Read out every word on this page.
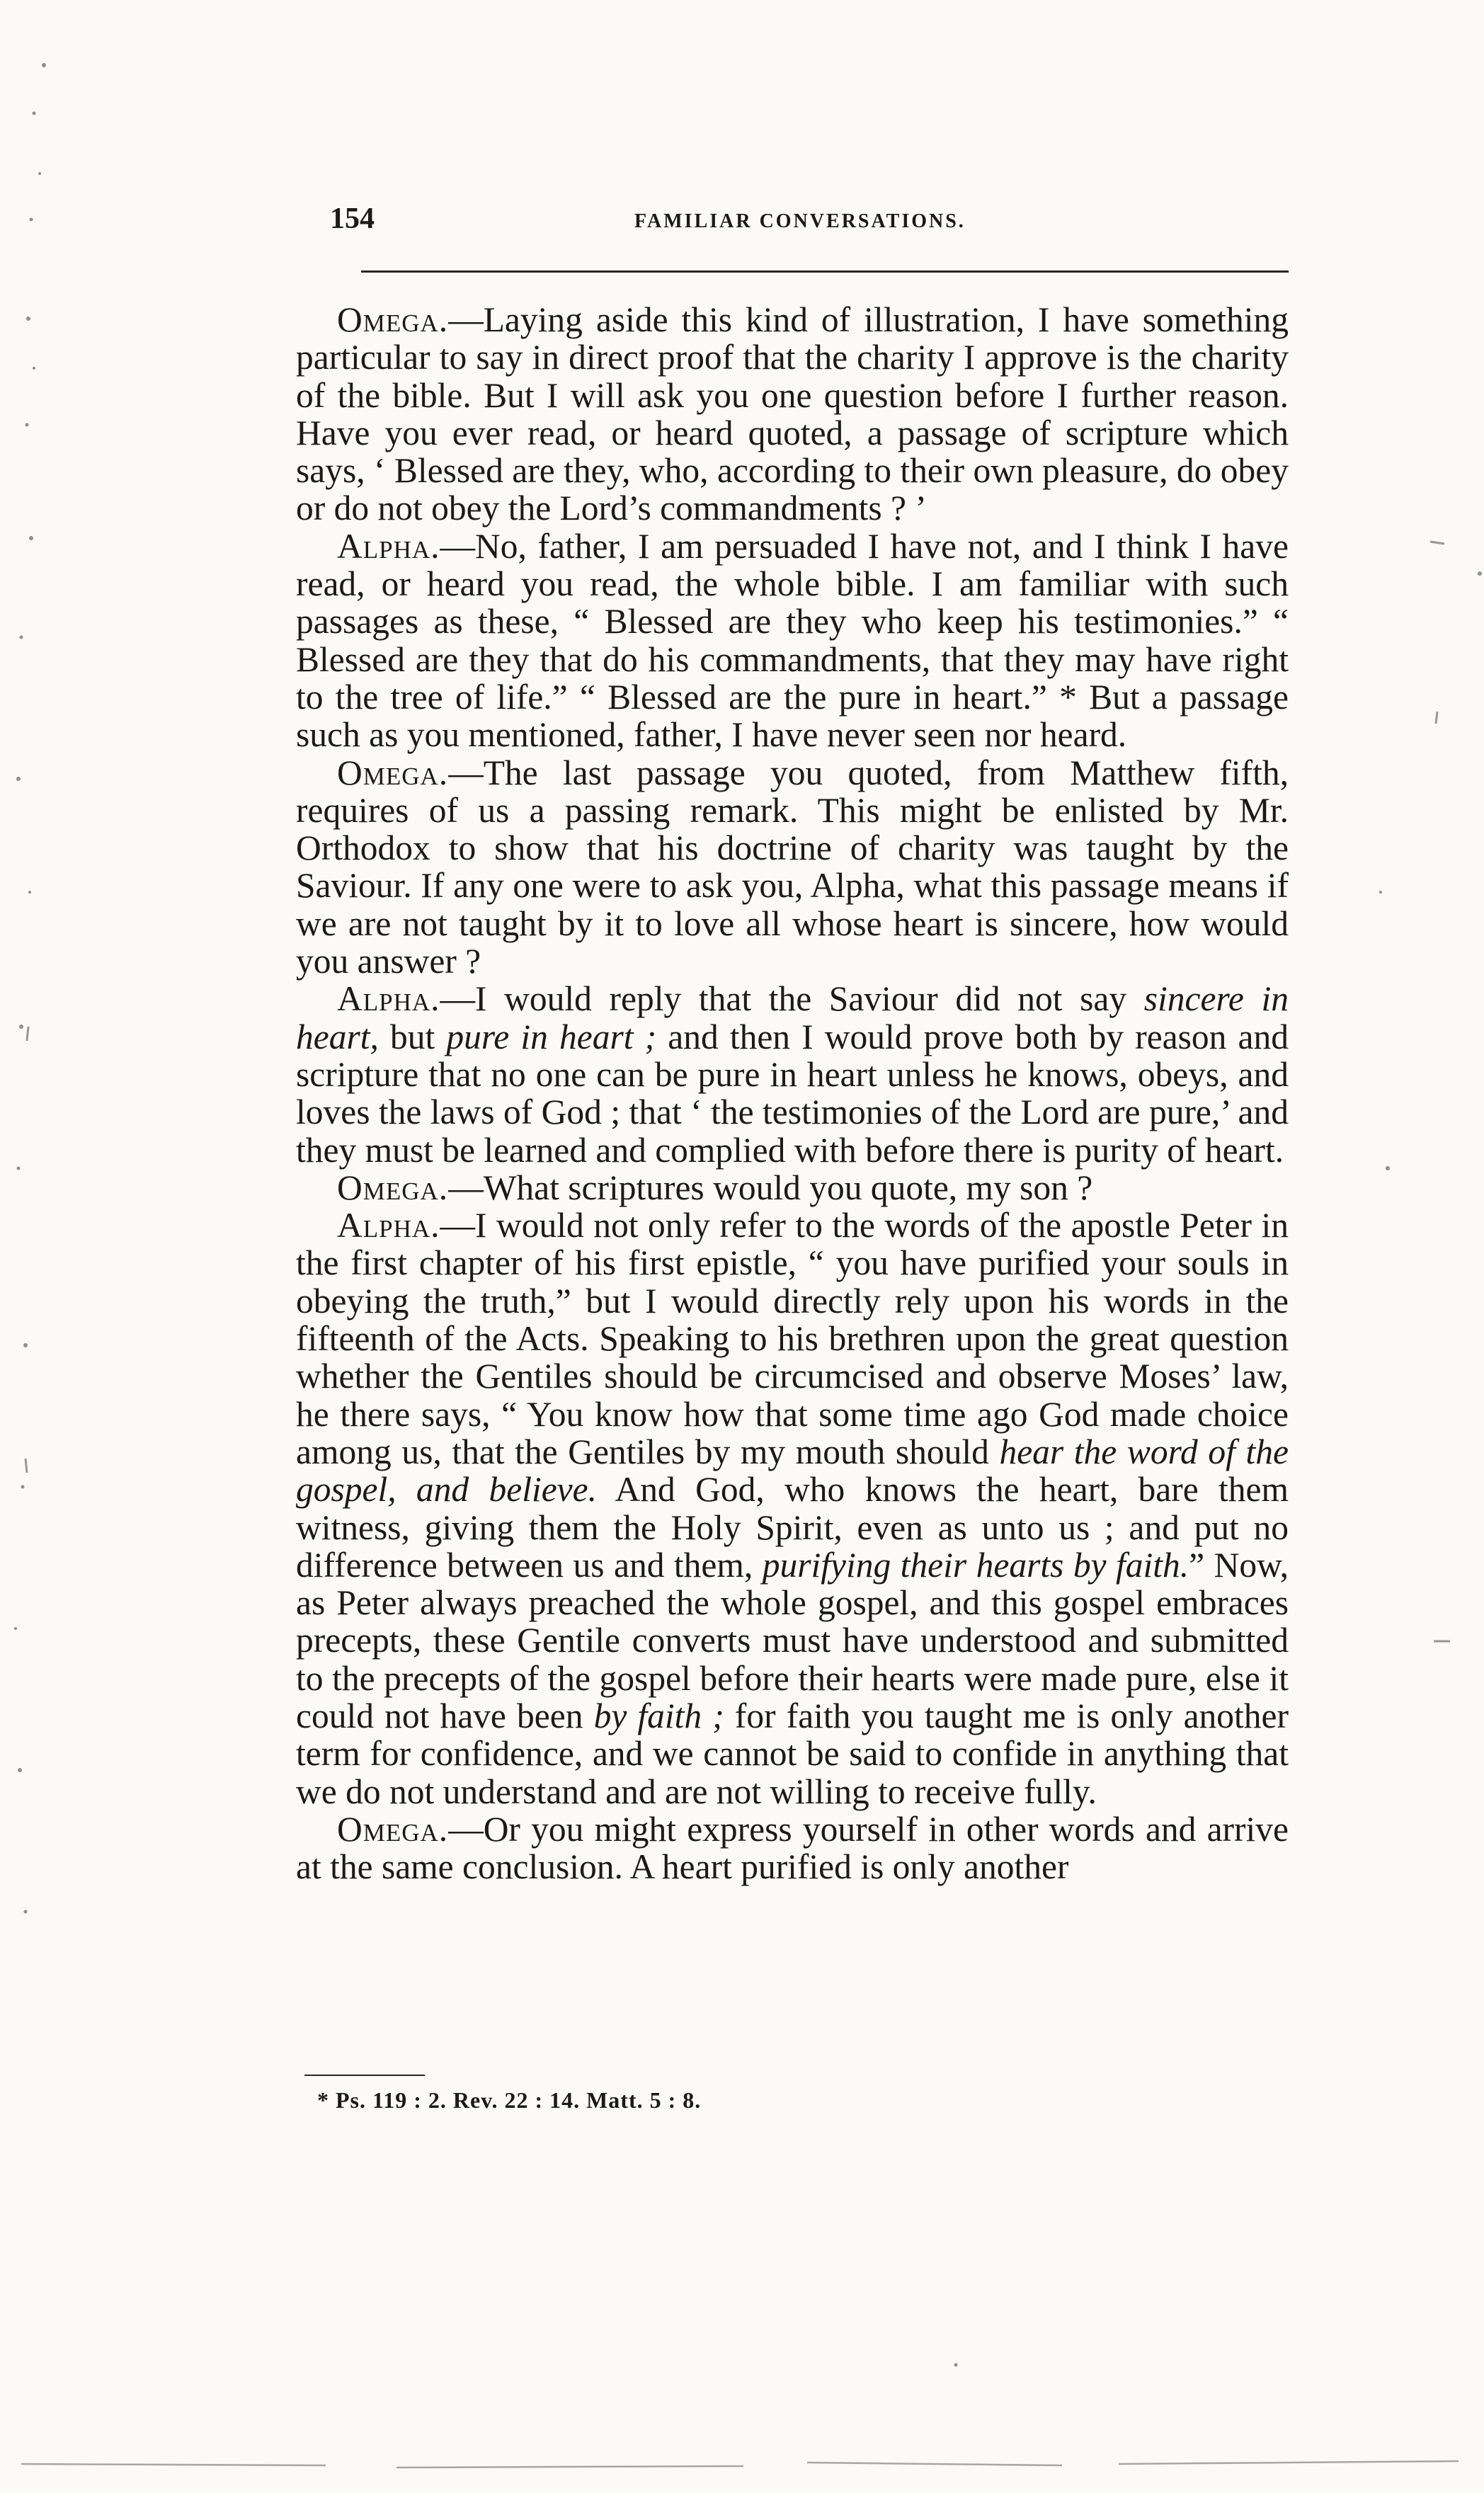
154	FAMILIAR CONVERSATIONS.

Omega.—Laying aside this kind of illustration, I have something particular to say in direct proof that the charity I approve is the charity of the bible. But I will ask you one question before I further reason. Have you ever read, or heard quoted, a passage of scripture which says, ‘ Blessed are they, who, according to their own pleasure, do obey or do not obey the Lord’s commandments ? ’

Alpha.—No, father, I am persuaded I have not, and I think I have read, or heard you read, the whole bible. I am familiar with such passages as these, “ Blessed are they who keep his testimonies.” “ Blessed are they that do his commandments, that they may have right to the tree of life.” “ Blessed are the pure in heart.” * But a passage such as you mentioned, father, I have never seen nor heard.

Omega.—The last passage you quoted, from Matthew fifth, requires of us a passing remark. This might be enlisted by Mr. Orthodox to show that his doctrine of charity was taught by the Saviour. If any one were to ask you, Alpha, what this passage means if we are not taught by it to love all whose heart is sincere, how would you answer ?

Alpha.—I would reply that the Saviour did not say sincere in heart, but pure in heart ; and then I would prove both by reason and scripture that no one can be pure in heart unless he knows, obeys, and loves the laws of God ; that ‘ the testimonies of the Lord are pure,’ and they must be learned and complied with before there is purity of heart.

Omega.—What scriptures would you quote, my son ?

Alpha.—I would not only refer to the words of the apostle Peter in the first chapter of his first epistle, “ you have purified your souls in obeying the truth,” but I would directly rely upon his words in the fifteenth of the Acts. Speaking to his brethren upon the great question whether the Gentiles should be circumcised and observe Moses’ law, he there says, “ You know how that some time ago God made choice among us, that the Gentiles by my mouth should hear the word of the gospel, and believe. And God, who knows the heart, bare them witness, giving them the Holy Spirit, even as unto us ; and put no difference between us and them, purifying their hearts by faith.” Now, as Peter always preached the whole gospel, and this gospel embraces precepts, these Gentile converts must have understood and submitted to the precepts of the gospel before their hearts were made pure, else it could not have been by faith ; for faith you taught me is only another term for confidence, and we cannot be said to confide in anything that we do not understand and are not willing to receive fully.

Omega.—Or you might express yourself in other words and arrive at the same conclusion. A heart purified is only another

* Ps. 119 : 2. Rev. 22 : 14. Matt. 5 : 8.
